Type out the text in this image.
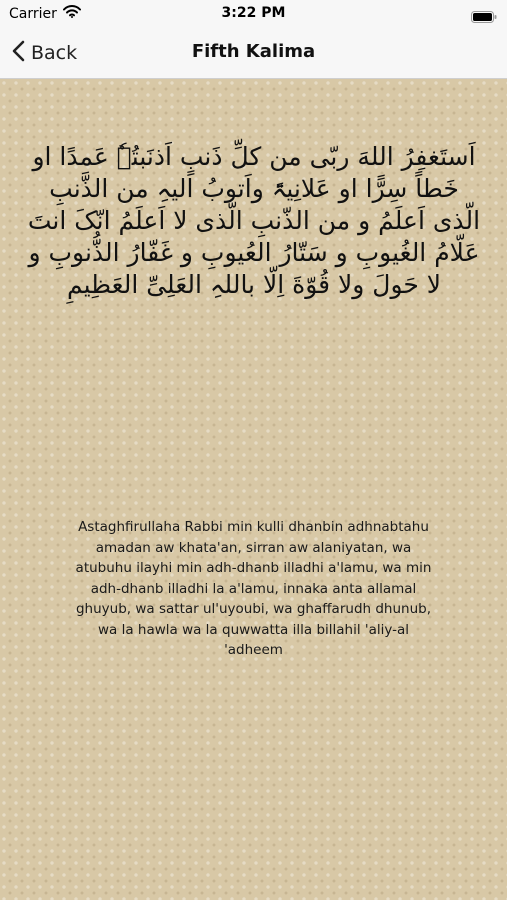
Carrier	3:22 PM
Back	Fifth Kalima
اَستَغفِرُ اللهَ ربّی من کلِّ ذَنبٍ اَذنَبتُہٗ عَمدًا او خَطاً سِرًّا او عَلانِیۃً واَتوبُ الیہِ من الذَّنبِ الّذی اَعلَمُ و من الذّنبِ الّذی لا اَعلَمُ انّکَ انتَ عَلّامُ الغُیوبِ و سَتّارُ العُیوبِ و غَفّارُ الذُّنوبِ و لا حَولَ ولا قُوّةَ اِلّا باللہِ العَلِیِّ العَظِیمِ
Astaghfirullaha Rabbi min kulli dhanbin adhnabtahu amadan aw khata'an, sirran aw alaniyatan, wa atubuhu ilayhi min adh-dhanb illadhi a'lamu, wa min adh-dhanb illadhi la a'lamu, innaka anta allamal ghuyub, wa sattar ul'uyoubi, wa ghaffarudh dhunub, wa la hawla wa la quwwatta illa billahil 'aliy-al 'adheem
